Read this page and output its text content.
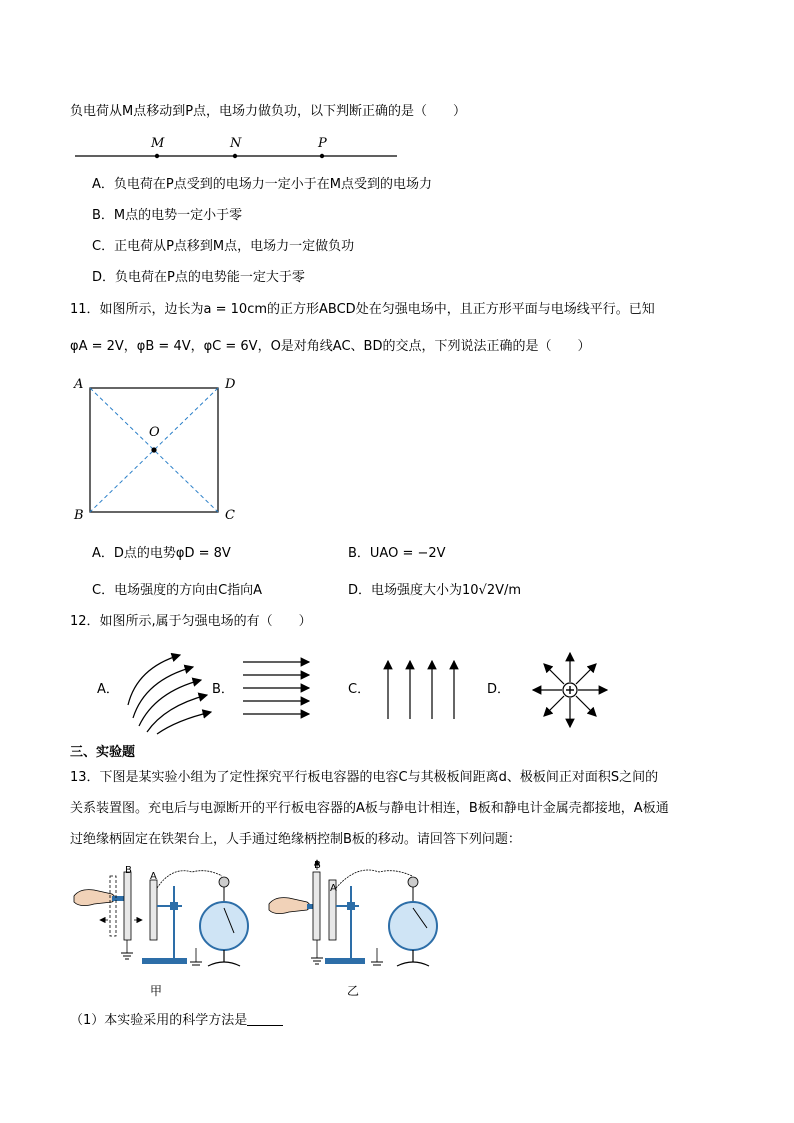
负电荷从M点移动到P点，电场力做负功，以下判断正确的是（　　）
M	N	P
A．负电荷在P点受到的电场力一定小于在M点受到的电场力
B．M点的电势一定小于零
C．正电荷从P点移到M点，电场力一定做负功
D．负电荷在P点的电势能一定大于零
11．如图所示，边长为a = 10cm的正方形ABCD处在匀强电场中，且正方形平面与电场线平行。已知
φA = 2V，φB = 4V，φC = 6V，O是对角线AC、BD的交点，下列说法正确的是（　　）
A	D
B	C
O
A．D点的电势φD = 8V	B．UAO = −2V
C．电场强度的方向由C指向A	D．电场强度大小为10√2V/m
12．如图所示,属于匀强电场的有（　　）
A．	B．	C．	D．
三、实验题
13．下图是某实验小组为了定性探究平行板电容器的电容C与其极板间距离d、极板间正对面积S之间的
关系装置图。充电后与电源断开的平行板电容器的A板与静电计相连，B板和静电计金属壳都接地，A板通
过绝缘柄固定在铁架台上，人手通过绝缘柄控制B板的移动。请回答下列问题：
B
A
甲
B
A
乙
（1）本实验采用的科学方法是
